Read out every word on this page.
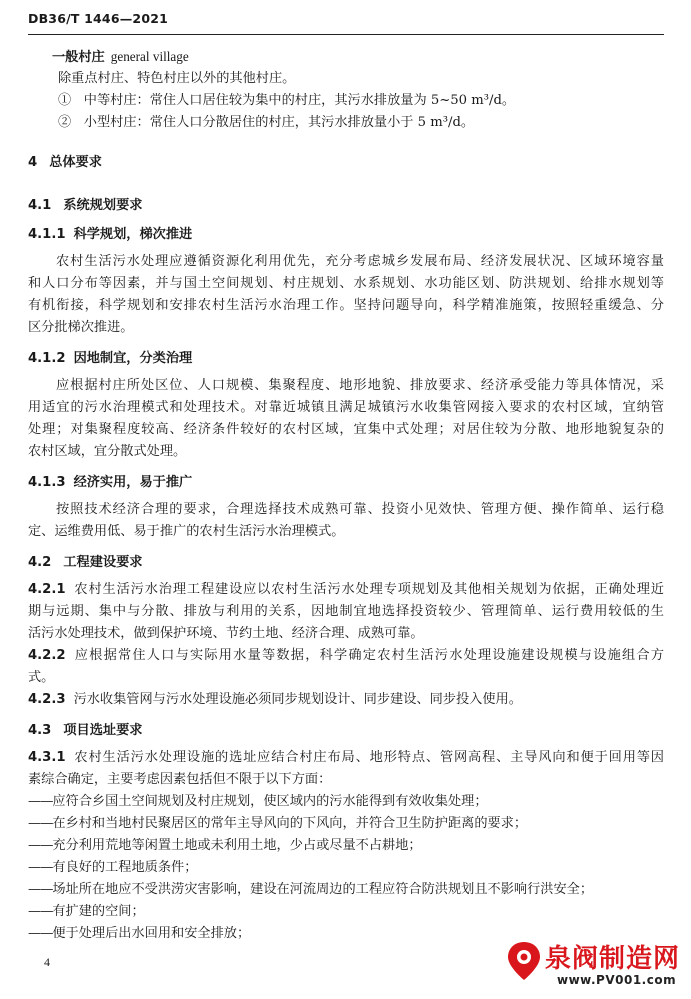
DB36/T 1446—2021
一般村庄 general village
除重点村庄、特色村庄以外的其他村庄。
① 中等村庄：常住人口居住较为集中的村庄，其污水排放量为 5~50 m³/d。
② 小型村庄：常住人口分散居住的村庄，其污水排放量小于 5 m³/d。
4 总体要求
4.1 系统规划要求
4.1.1 科学规划，梯次推进
农村生活污水处理应遵循资源化利用优先，充分考虑城乡发展布局、经济发展状况、区域环境容量
和人口分布等因素，并与国土空间规划、村庄规划、水系规划、水功能区划、防洪规划、给排水规划等
有机衔接，科学规划和安排农村生活污水治理工作。坚持问题导向，科学精准施策，按照轻重缓急、分
区分批梯次推进。
4.1.2 因地制宜，分类治理
应根据村庄所处区位、人口规模、集聚程度、地形地貌、排放要求、经济承受能力等具体情况，采
用适宜的污水治理模式和处理技术。对靠近城镇且满足城镇污水收集管网接入要求的农村区域，宜纳管
处理；对集聚程度较高、经济条件较好的农村区域，宜集中式处理；对居住较为分散、地形地貌复杂的
农村区域，宜分散式处理。
4.1.3 经济实用，易于推广
按照技术经济合理的要求，合理选择技术成熟可靠、投资小见效快、管理方便、操作简单、运行稳
定、运维费用低、易于推广的农村生活污水治理模式。
4.2 工程建设要求
4.2.1 农村生活污水治理工程建设应以农村生活污水处理专项规划及其他相关规划为依据，正确处理近
期与远期、集中与分散、排放与利用的关系，因地制宜地选择投资较少、管理简单、运行费用较低的生
活污水处理技术，做到保护环境、节约土地、经济合理、成熟可靠。
4.2.2 应根据常住人口与实际用水量等数据，科学确定农村生活污水处理设施建设规模与设施组合方
式。
4.2.3 污水收集管网与污水处理设施必须同步规划设计、同步建设、同步投入使用。
4.3 项目选址要求
4.3.1 农村生活污水处理设施的选址应结合村庄布局、地形特点、管网高程、主导风向和便于回用等因
素综合确定，主要考虑因素包括但不限于以下方面：
——应符合乡国土空间规划及村庄规划，使区域内的污水能得到有效收集处理；
——在乡村和当地村民聚居区的常年主导风向的下风向，并符合卫生防护距离的要求；
——充分利用荒地等闲置土地或未利用土地，少占或尽量不占耕地；
——有良好的工程地质条件；
——场址所在地应不受洪涝灾害影响，建设在河流周边的工程应符合防洪规划且不影响行洪安全；
——有扩建的空间；
——便于处理后出水回用和安全排放；
4	泉阀制造网
www.PV001.com
